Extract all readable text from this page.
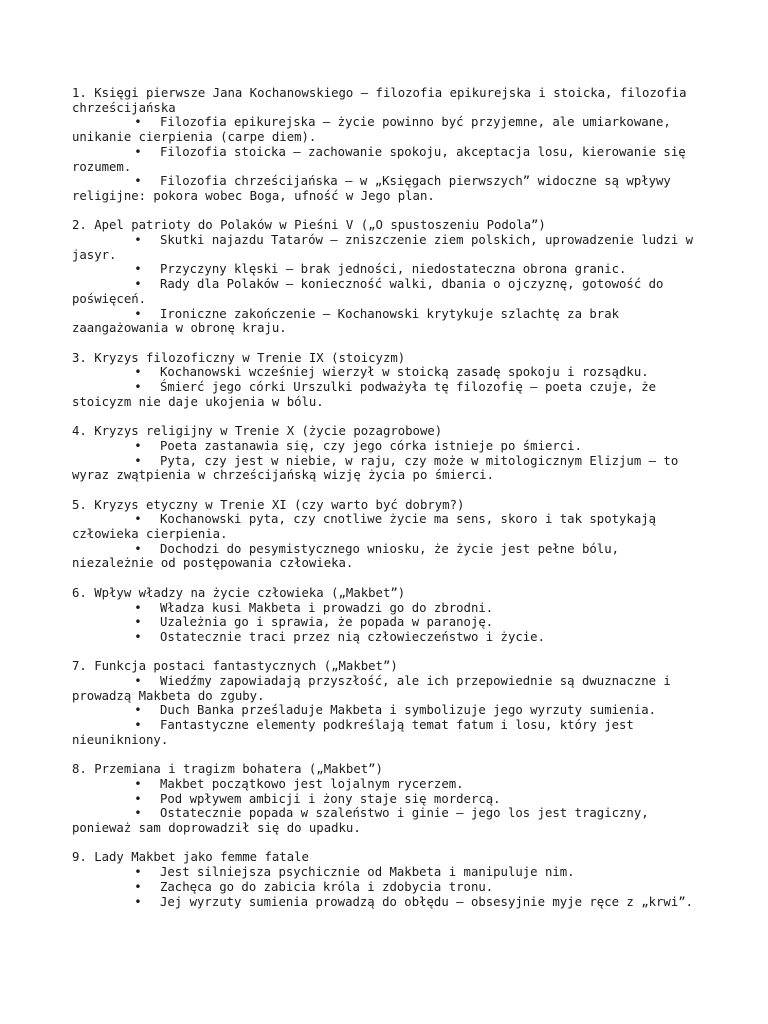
1. Księgi pierwsze Jana Kochanowskiego – filozofia epikurejska i stoicka, filozofia chrześcijańska
• Filozofia epikurejska – życie powinno być przyjemne, ale umiarkowane, unikanie cierpienia (carpe diem).
• Filozofia stoicka – zachowanie spokoju, akceptacja losu, kierowanie się rozumem.
• Filozofia chrześcijańska – w „Księgach pierwszych” widoczne są wpływy religijne: pokora wobec Boga, ufność w Jego plan.
2. Apel patrioty do Polaków w Pieśni V („O spustoszeniu Podola”)
• Skutki najazdu Tatarów – zniszczenie ziem polskich, uprowadzenie ludzi w jasyr.
• Przyczyny klęski – brak jedności, niedostateczna obrona granic.
• Rady dla Polaków – konieczność walki, dbania o ojczyznę, gotowość do poświęceń.
• Ironiczne zakończenie – Kochanowski krytykuje szlachtę za brak zaangażowania w obronę kraju.
3. Kryzys filozoficzny w Trenie IX (stoicyzm)
• Kochanowski wcześniej wierzył w stoicką zasadę spokoju i rozsądku.
• Śmierć jego córki Urszulki podważyła tę filozofię – poeta czuje, że stoicyzm nie daje ukojenia w bólu.
4. Kryzys religijny w Trenie X (życie pozagrobowe)
• Poeta zastanawia się, czy jego córka istnieje po śmierci.
• Pyta, czy jest w niebie, w raju, czy może w mitologicznym Elizjum – to wyraz zwątpienia w chrześcijańską wizję życia po śmierci.
5. Kryzys etyczny w Trenie XI (czy warto być dobrym?)
• Kochanowski pyta, czy cnotliwe życie ma sens, skoro i tak spotykają człowieka cierpienia.
• Dochodzi do pesymistycznego wniosku, że życie jest pełne bólu, niezależnie od postępowania człowieka.
6. Wpływ władzy na życie człowieka („Makbet”)
• Władza kusi Makbeta i prowadzi go do zbrodni.
• Uzależnia go i sprawia, że popada w paranoję.
• Ostatecznie traci przez nią człowieczeństwo i życie.
7. Funkcja postaci fantastycznych („Makbet”)
• Wiedźmy zapowiadają przyszłość, ale ich przepowiednie są dwuznaczne i prowadzą Makbeta do zguby.
• Duch Banka prześladuje Makbeta i symbolizuje jego wyrzuty sumienia.
• Fantastyczne elementy podkreślają temat fatum i losu, który jest nieunikniony.
8. Przemiana i tragizm bohatera („Makbet”)
• Makbet początkowo jest lojalnym rycerzem.
• Pod wpływem ambicji i żony staje się mordercą.
• Ostatecznie popada w szaleństwo i ginie – jego los jest tragiczny, ponieważ sam doprowadził się do upadku.
9. Lady Makbet jako femme fatale
• Jest silniejsza psychicznie od Makbeta i manipuluje nim.
• Zachęca go do zabicia króla i zdobycia tronu.
• Jej wyrzuty sumienia prowadzą do obłędu – obsesyjnie myje ręce z „krwi”.
